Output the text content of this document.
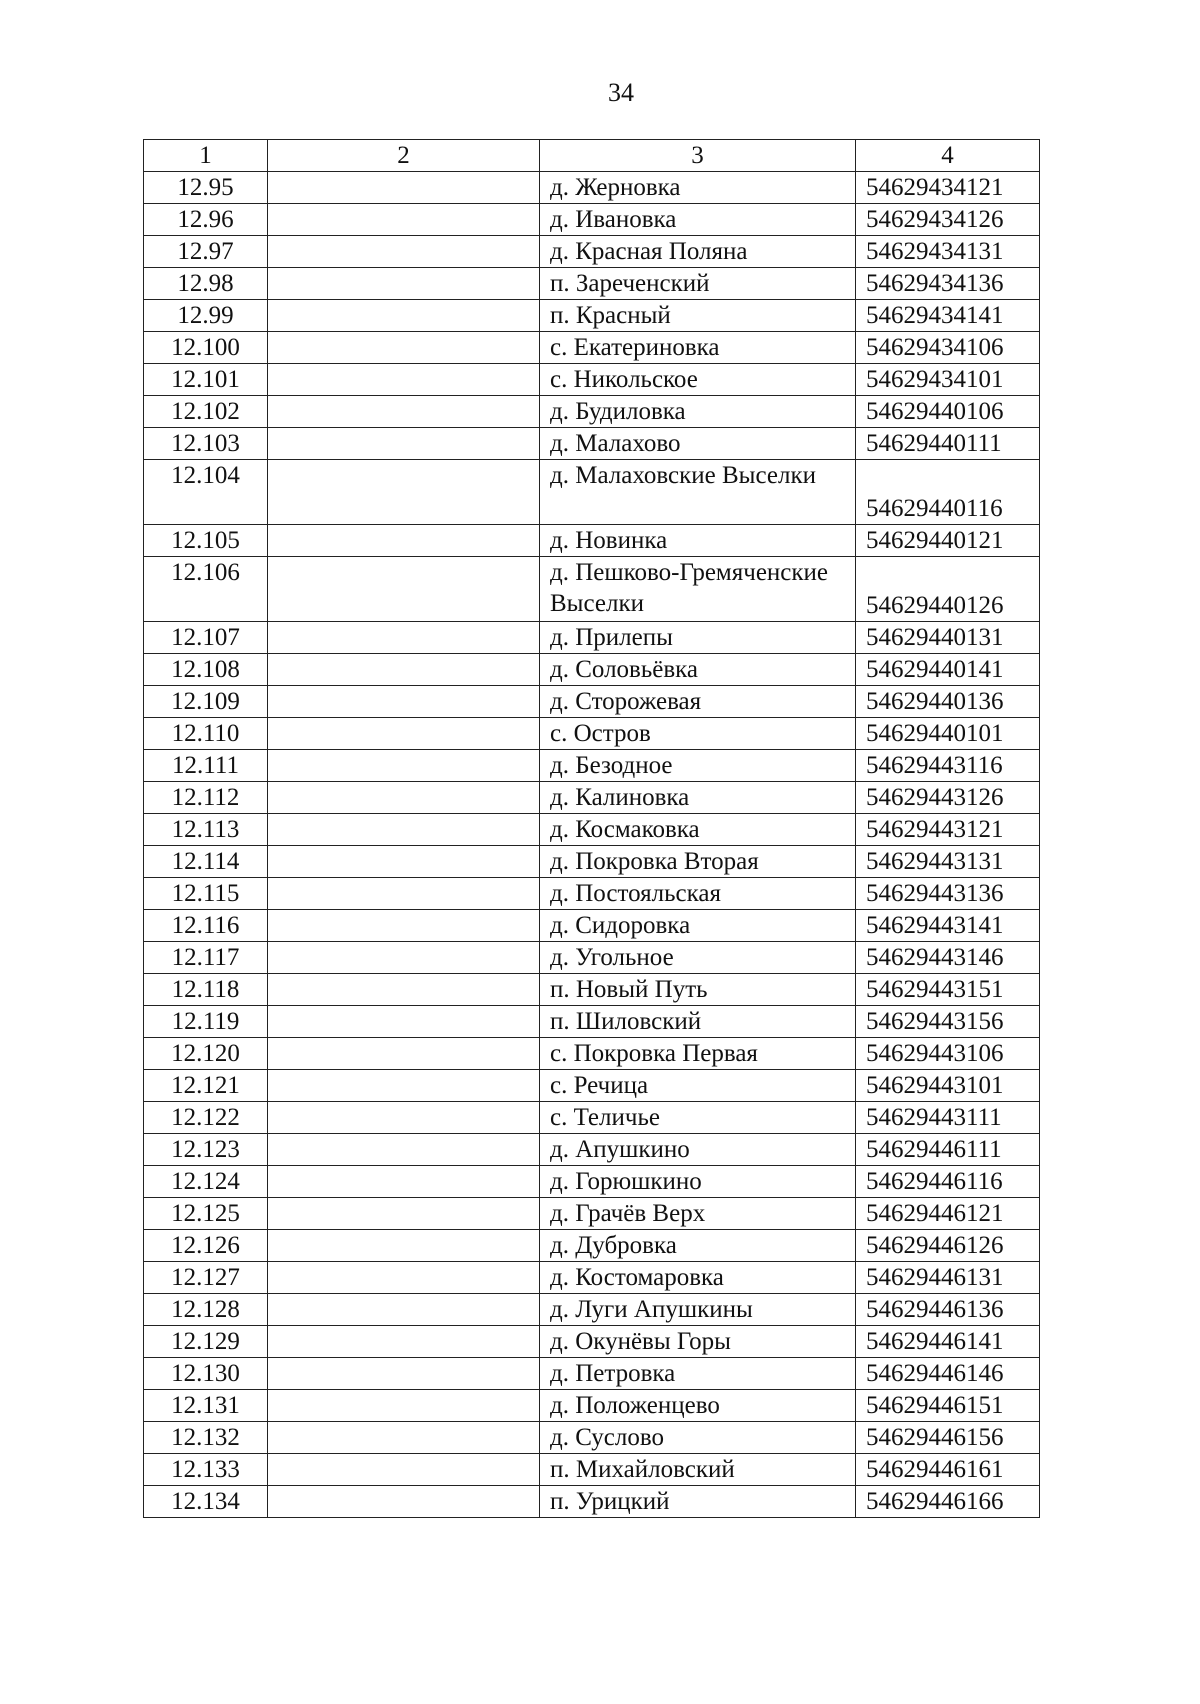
34
1	2	3	4
12.95		д. Жерновка	54629434121
12.96		д. Ивановка	54629434126
12.97		д. Красная Поляна	54629434131
12.98		п. Зареченский	54629434136
12.99		п. Красный	54629434141
12.100		с. Екатериновка	54629434106
12.101		с. Никольское	54629434101
12.102		д. Будиловка	54629440106
12.103		д. Малахово	54629440111
12.104		д. Малаховские Выселки	54629440116
12.105		д. Новинка	54629440121
12.106		д. Пешково-Гремяченские Выселки	54629440126
12.107		д. Прилепы	54629440131
12.108		д. Соловьёвка	54629440141
12.109		д. Сторожевая	54629440136
12.110		с. Остров	54629440101
12.111		д. Безодное	54629443116
12.112		д. Калиновка	54629443126
12.113		д. Космаковка	54629443121
12.114		д. Покровка Вторая	54629443131
12.115		д. Постояльская	54629443136
12.116		д. Сидоровка	54629443141
12.117		д. Угольное	54629443146
12.118		п. Новый Путь	54629443151
12.119		п. Шиловский	54629443156
12.120		с. Покровка Первая	54629443106
12.121		с. Речица	54629443101
12.122		с. Теличье	54629443111
12.123		д. Апушкино	54629446111
12.124		д. Горюшкино	54629446116
12.125		д. Грачёв Верх	54629446121
12.126		д. Дубровка	54629446126
12.127		д. Костомаровка	54629446131
12.128		д. Луги Апушкины	54629446136
12.129		д. Окунёвы Горы	54629446141
12.130		д. Петровка	54629446146
12.131		д. Положенцево	54629446151
12.132		д. Суслово	54629446156
12.133		п. Михайловский	54629446161
12.134		п. Урицкий	54629446166
